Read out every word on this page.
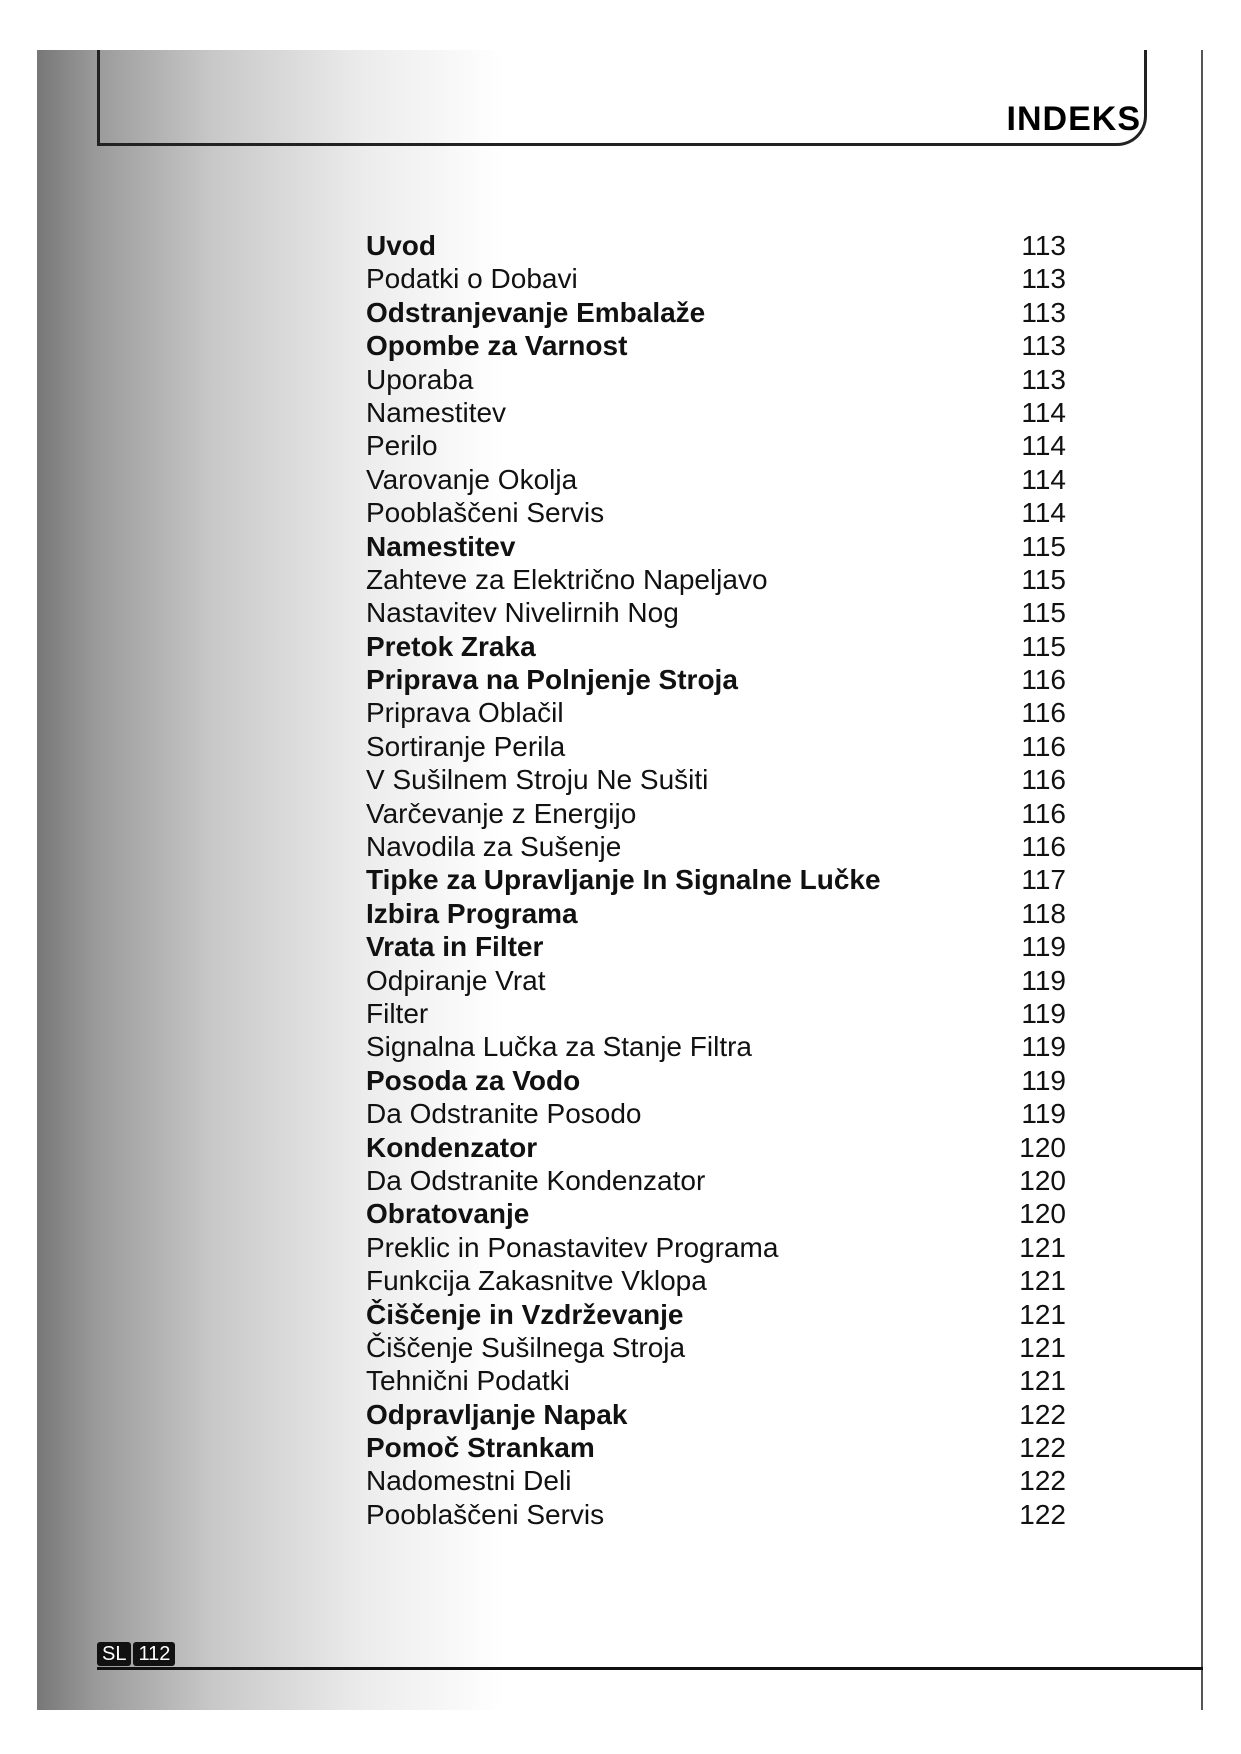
INDEKS
Uvod	113
Podatki o Dobavi	113
Odstranjevanje Embalaže	113
Opombe za Varnost	113
Uporaba	113
Namestitev	114
Perilo	114
Varovanje Okolja	114
Pooblaščeni Servis	114
Namestitev	115
Zahteve za Električno Napeljavo	115
Nastavitev Nivelirnih Nog	115
Pretok Zraka	115
Priprava na Polnjenje Stroja	116
Priprava Oblačil	116
Sortiranje Perila	116
V Sušilnem Stroju Ne Sušiti	116
Varčevanje z Energijo	116
Navodila za Sušenje	116
Tipke za Upravljanje In Signalne Lučke	117
Izbira Programa	118
Vrata in Filter	119
Odpiranje Vrat	119
Filter	119
Signalna Lučka za Stanje Filtra	119
Posoda za Vodo	119
Da Odstranite Posodo	119
Kondenzator	120
Da Odstranite Kondenzator	120
Obratovanje	120
Preklic in Ponastavitev Programa	121
Funkcija Zakasnitve Vklopa	121
Čiščenje in Vzdrževanje	121
Čiščenje Sušilnega Stroja	121
Tehnični Podatki	121
Odpravljanje Napak	122
Pomoč Strankam	122
Nadomestni Deli	122
Pooblaščeni Servis	122
SL 112
